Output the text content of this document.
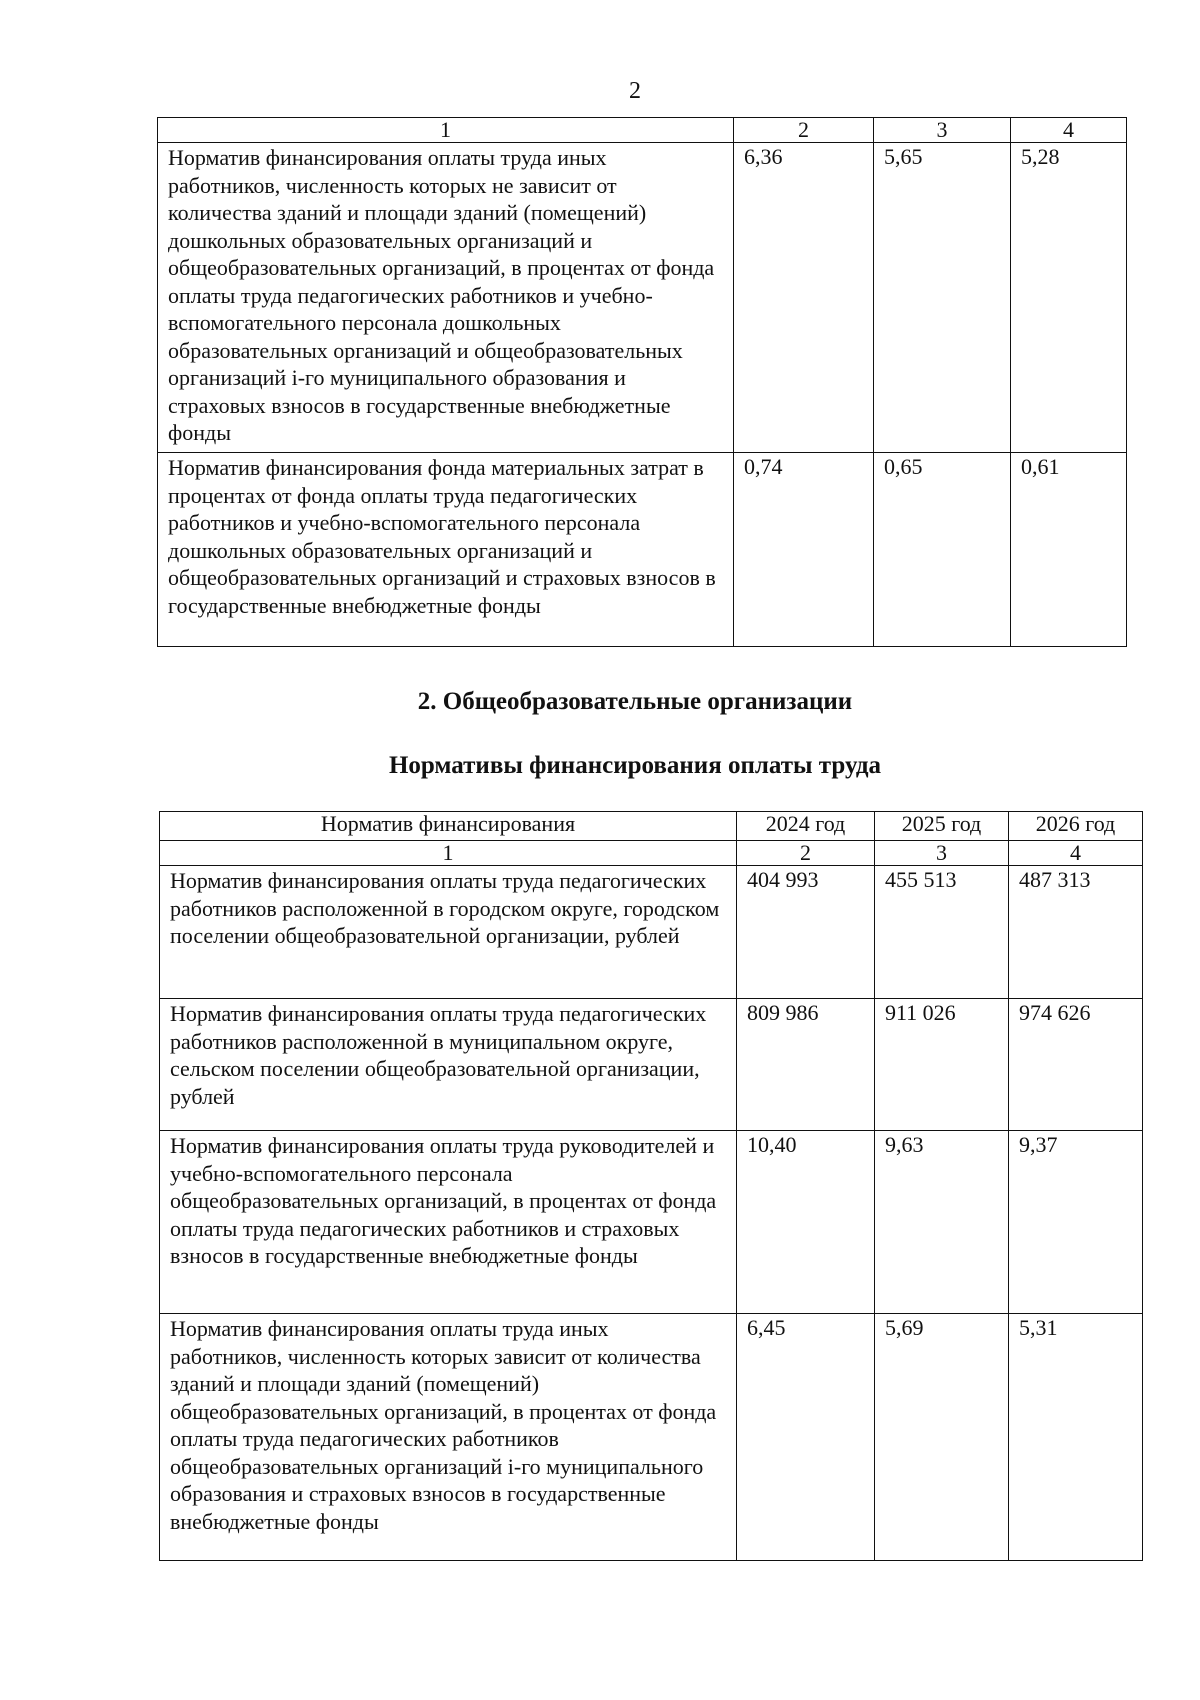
2
1	2	3	4
Норматив финансирования оплаты труда иных работников, численность которых не зависит от количества зданий и площади зданий (помещений) дошкольных образовательных организаций и общеобразовательных организаций, в процентах от фонда оплаты труда педагогических работников и учебно-вспомогательного персонала дошкольных образовательных организаций и общеобразовательных организаций i-го муниципального образования и страховых взносов в государственные внебюджетные фонды	6,36	5,65	5,28
Норматив финансирования фонда материальных затрат в процентах от фонда оплаты труда педагогических работников и учебно-вспомогательного персонала дошкольных образовательных организаций и общеобразовательных организаций и страховых взносов в государственные внебюджетные фонды	0,74	0,65	0,61
2. Общеобразовательные организации
Нормативы финансирования оплаты труда
Норматив финансирования	2024 год	2025 год	2026 год
1	2	3	4
Норматив финансирования оплаты труда педагогических работников расположенной в городском округе, городском поселении общеобразовательной организации, рублей	404 993	455 513	487 313
Норматив финансирования оплаты труда педагогических работников расположенной в муниципальном округе, сельском поселении общеобразовательной организации, рублей	809 986	911 026	974 626
Норматив финансирования оплаты труда руководителей и учебно-вспомогательного персонала общеобразовательных организаций, в процентах от фонда оплаты труда педагогических работников и страховых взносов в государственные внебюджетные фонды	10,40	9,63	9,37
Норматив финансирования оплаты труда иных работников, численность которых зависит от количества зданий и площади зданий (помещений) общеобразовательных организаций, в процентах от фонда оплаты труда педагогических работников общеобразовательных организаций i-го муниципального образования и страховых взносов в государственные внебюджетные фонды	6,45	5,69	5,31
